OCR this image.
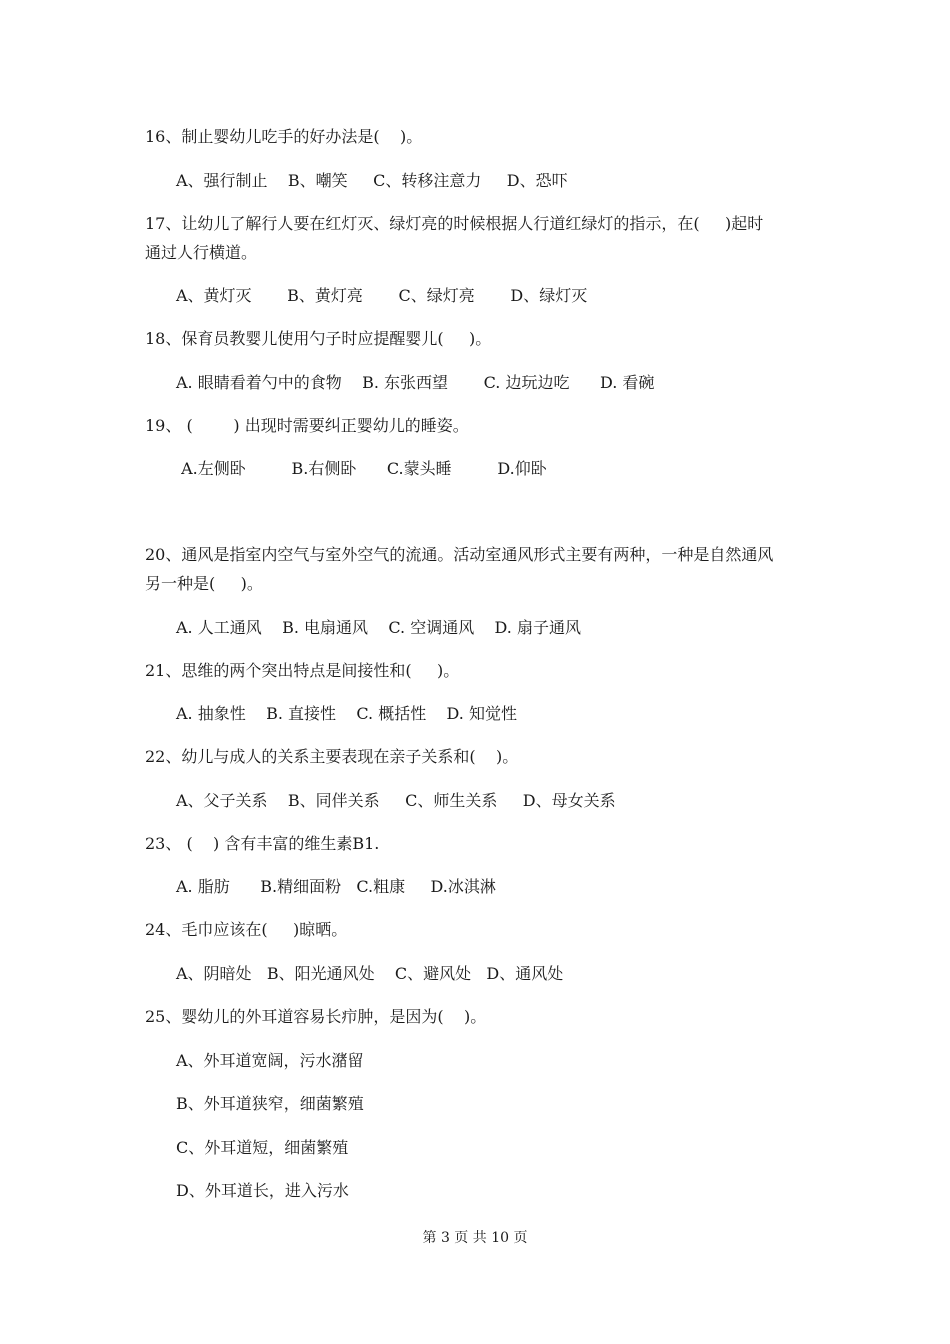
16、制止婴幼儿吃手的好办法是(    )。
A、强行制止    B、嘲笑     C、转移注意力     D、恐吓
17、让幼儿了解行人要在红灯灭、绿灯亮的时候根据人行道红绿灯的指示，在(     )起时
通过人行横道。
A、黄灯灭       B、黄灯亮       C、绿灯亮       D、绿灯灭
18、保育员教婴儿使用勺子时应提醒婴儿(     )。
A. 眼睛看着勺中的食物    B. 东张西望       C. 边玩边吃      D. 看碗
19、 (        ) 出现时需要纠正婴幼儿的睡姿。
A.左侧卧         B.右侧卧      C.蒙头睡         D.仰卧
20、通风是指室内空气与室外空气的流通。活动室通风形式主要有两种，一种是自然通风
另一种是(     )。
A. 人工通风    B. 电扇通风    C. 空调通风    D. 扇子通风
21、思维的两个突出特点是间接性和(     )。
A. 抽象性    B. 直接性    C. 概括性    D. 知觉性
22、幼儿与成人的关系主要表现在亲子关系和(    )。
A、父子关系    B、同伴关系     C、师生关系     D、母女关系
23、 (    ) 含有丰富的维生素B1.
A. 脂肪      B.精细面粉   C.粗康     D.冰淇淋
24、毛巾应该在(     )晾晒。
A、阴暗处   B、阳光通风处    C、避风处   D、通风处
25、婴幼儿的外耳道容易长疖肿，是因为(    )。
A、外耳道宽阔，污水潴留
B、外耳道狭窄，细菌繁殖
C、外耳道短，细菌繁殖
D、外耳道长，进入污水
第 3 页 共 10 页
